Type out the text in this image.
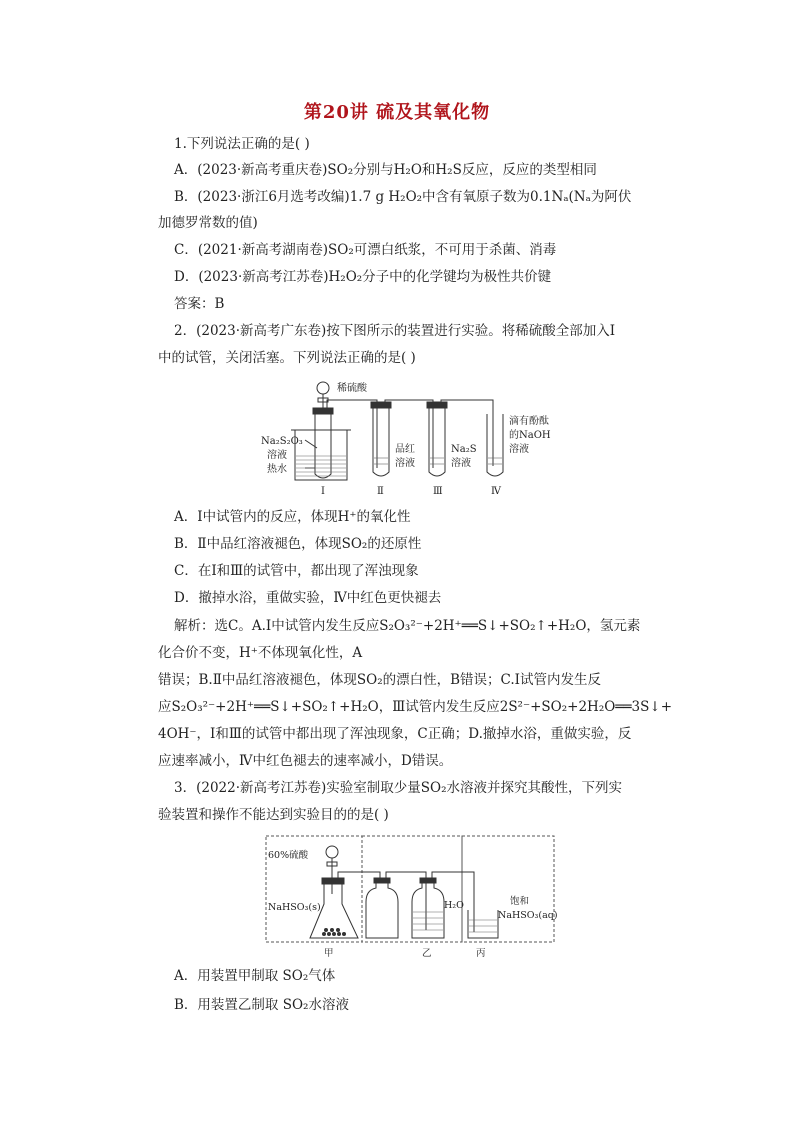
第20讲 硫及其氧化物
1.下列说法正确的是( )
A．(2023·新高考重庆卷)SO₂分别与H₂O和H₂S反应，反应的类型相同
B．(2023·浙江6月选考改编)1.7 g H₂O₂中含有氧原子数为0.1Nₐ(Nₐ为阿伏
加德罗常数的值)
C．(2021·新高考湖南卷)SO₂可漂白纸浆，不可用于杀菌、消毒
D．(2023·新高考江苏卷)H₂O₂分子中的化学键均为极性共价键
答案：B
2．(2023·新高考广东卷)按下图所示的装置进行实验。将稀硫酸全部加入Ⅰ
中的试管，关闭活塞。下列说法正确的是( )
稀硫酸
Na₂S₂O₃
溶液
热水
品红
溶液
Na₂S
溶液
滴有酚酞
的NaOH
溶液
Ⅰ	Ⅱ	Ⅲ	Ⅳ
A．Ⅰ中试管内的反应，体现H⁺的氧化性
B．Ⅱ中品红溶液褪色，体现SO₂的还原性
C．在Ⅰ和Ⅲ的试管中，都出现了浑浊现象
D．撤掉水浴，重做实验，Ⅳ中红色更快褪去
解析：选C。A.Ⅰ中试管内发生反应S₂O₃²⁻+2H⁺══S↓+SO₂↑+H₂O，氢元素
化合价不变，H⁺不体现氧化性，A
错误；B.Ⅱ中品红溶液褪色，体现SO₂的漂白性，B错误；C.Ⅰ试管内发生反
应S₂O₃²⁻+2H⁺══S↓+SO₂↑+H₂O，Ⅲ试管内发生反应2S²⁻+SO₂+2H₂O══3S↓+
4OH⁻，Ⅰ和Ⅲ的试管中都出现了浑浊现象，C正确；D.撤掉水浴，重做实验，反
应速率减小，Ⅳ中红色褪去的速率减小，D错误。
3．(2022·新高考江苏卷)实验室制取少量SO₂水溶液并探究其酸性，下列实
验装置和操作不能达到实验目的的是( )
60%硫酸
NaHSO₃(s)	H₂O	饱和
NaHSO₃(aq)
甲	乙	丙
A．用装置甲制取 SO₂气体
B．用装置乙制取 SO₂水溶液
